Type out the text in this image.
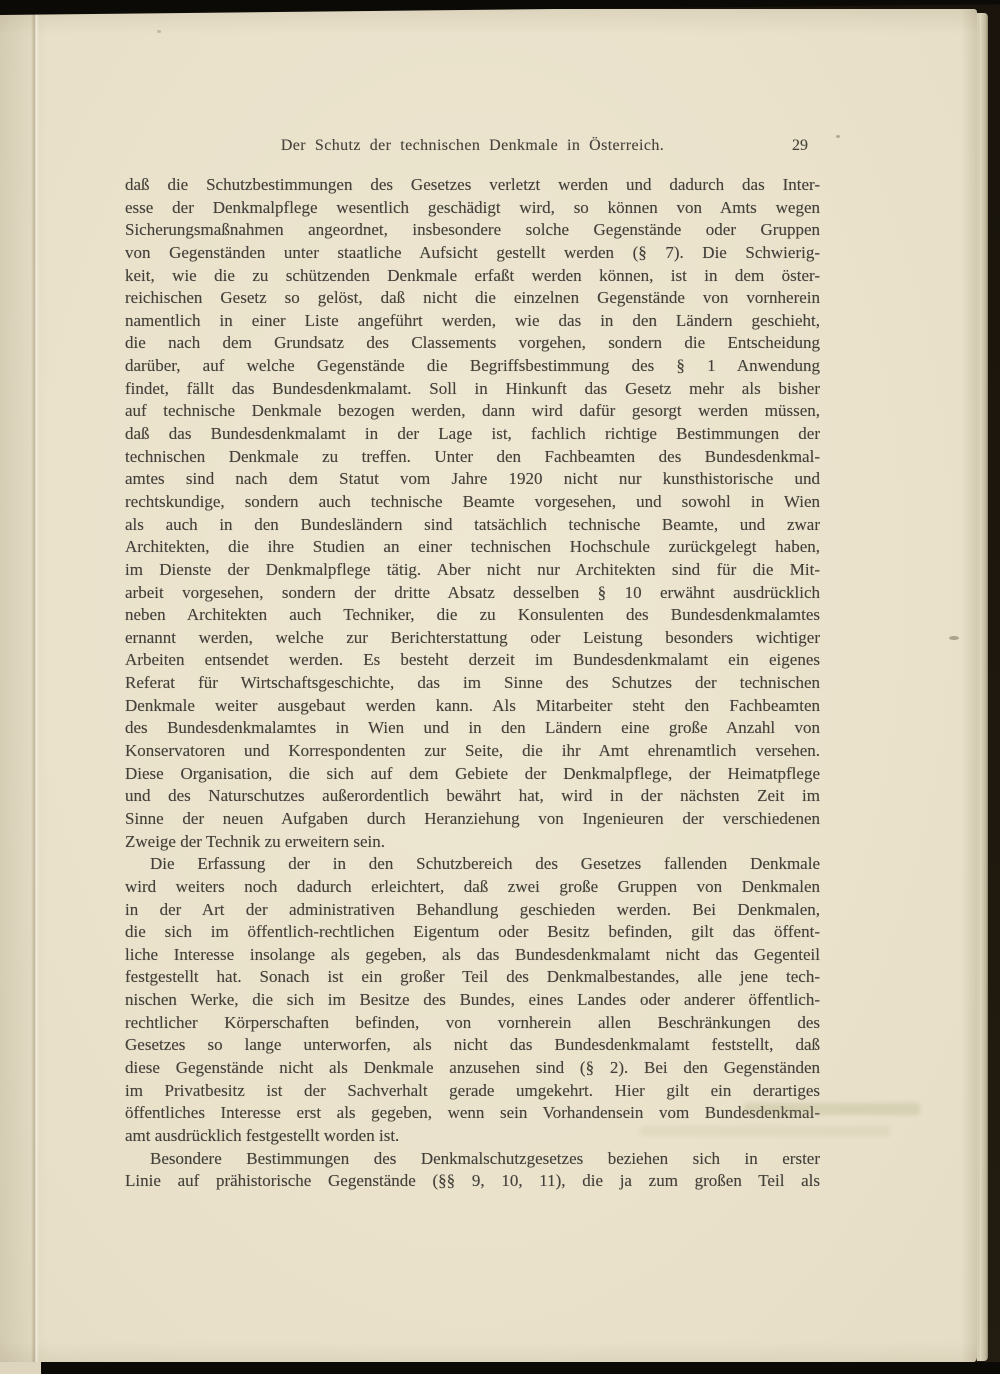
Der Schutz der technischen Denkmale in Österreich.	29
daß die Schutzbestimmungen des Gesetzes verletzt werden und dadurch das Inter-
esse der Denkmalpflege wesentlich geschädigt wird, so können von Amts wegen
Sicherungsmaßnahmen angeordnet, insbesondere solche Gegenstände oder Gruppen
von Gegenständen unter staatliche Aufsicht gestellt werden (§ 7). Die Schwierig-
keit, wie die zu schützenden Denkmale erfaßt werden können, ist in dem öster-
reichischen Gesetz so gelöst, daß nicht die einzelnen Gegenstände von vornherein
namentlich in einer Liste angeführt werden, wie das in den Ländern geschieht,
die nach dem Grundsatz des Classements vorgehen, sondern die Entscheidung
darüber, auf welche Gegenstände die Begriffsbestimmung des § 1 Anwendung
findet, fällt das Bundesdenkmalamt. Soll in Hinkunft das Gesetz mehr als bisher
auf technische Denkmale bezogen werden, dann wird dafür gesorgt werden müssen,
daß das Bundesdenkmalamt in der Lage ist, fachlich richtige Bestimmungen der
technischen Denkmale zu treffen. Unter den Fachbeamten des Bundesdenkmal-
amtes sind nach dem Statut vom Jahre 1920 nicht nur kunsthistorische und
rechtskundige, sondern auch technische Beamte vorgesehen, und sowohl in Wien
als auch in den Bundesländern sind tatsächlich technische Beamte, und zwar
Architekten, die ihre Studien an einer technischen Hochschule zurückgelegt haben,
im Dienste der Denkmalpflege tätig. Aber nicht nur Architekten sind für die Mit-
arbeit vorgesehen, sondern der dritte Absatz desselben § 10 erwähnt ausdrücklich
neben Architekten auch Techniker, die zu Konsulenten des Bundesdenkmalamtes
ernannt werden, welche zur Berichterstattung oder Leistung besonders wichtiger
Arbeiten entsendet werden. Es besteht derzeit im Bundesdenkmalamt ein eigenes
Referat für Wirtschaftsgeschichte, das im Sinne des Schutzes der technischen
Denkmale weiter ausgebaut werden kann. Als Mitarbeiter steht den Fachbeamten
des Bundesdenkmalamtes in Wien und in den Ländern eine große Anzahl von
Konservatoren und Korrespondenten zur Seite, die ihr Amt ehrenamtlich versehen.
Diese Organisation, die sich auf dem Gebiete der Denkmalpflege, der Heimatpflege
und des Naturschutzes außerordentlich bewährt hat, wird in der nächsten Zeit im
Sinne der neuen Aufgaben durch Heranziehung von Ingenieuren der verschiedenen
Zweige der Technik zu erweitern sein.
Die Erfassung der in den Schutzbereich des Gesetzes fallenden Denkmale
wird weiters noch dadurch erleichtert, daß zwei große Gruppen von Denkmalen
in der Art der administrativen Behandlung geschieden werden. Bei Denkmalen,
die sich im öffentlich-rechtlichen Eigentum oder Besitz befinden, gilt das öffent-
liche Interesse insolange als gegeben, als das Bundesdenkmalamt nicht das Gegenteil
festgestellt hat. Sonach ist ein großer Teil des Denkmalbestandes, alle jene tech-
nischen Werke, die sich im Besitze des Bundes, eines Landes oder anderer öffentlich-
rechtlicher Körperschaften befinden, von vornherein allen Beschränkungen des
Gesetzes so lange unterworfen, als nicht das Bundesdenkmalamt feststellt, daß
diese Gegenstände nicht als Denkmale anzusehen sind (§ 2). Bei den Gegenständen
im Privatbesitz ist der Sachverhalt gerade umgekehrt. Hier gilt ein derartiges
öffentliches Interesse erst als gegeben, wenn sein Vorhandensein vom Bundesdenkmal-
amt ausdrücklich festgestellt worden ist.
Besondere Bestimmungen des Denkmalschutzgesetzes beziehen sich in erster
Linie auf prähistorische Gegenstände (§§ 9, 10, 11), die ja zum großen Teil als
